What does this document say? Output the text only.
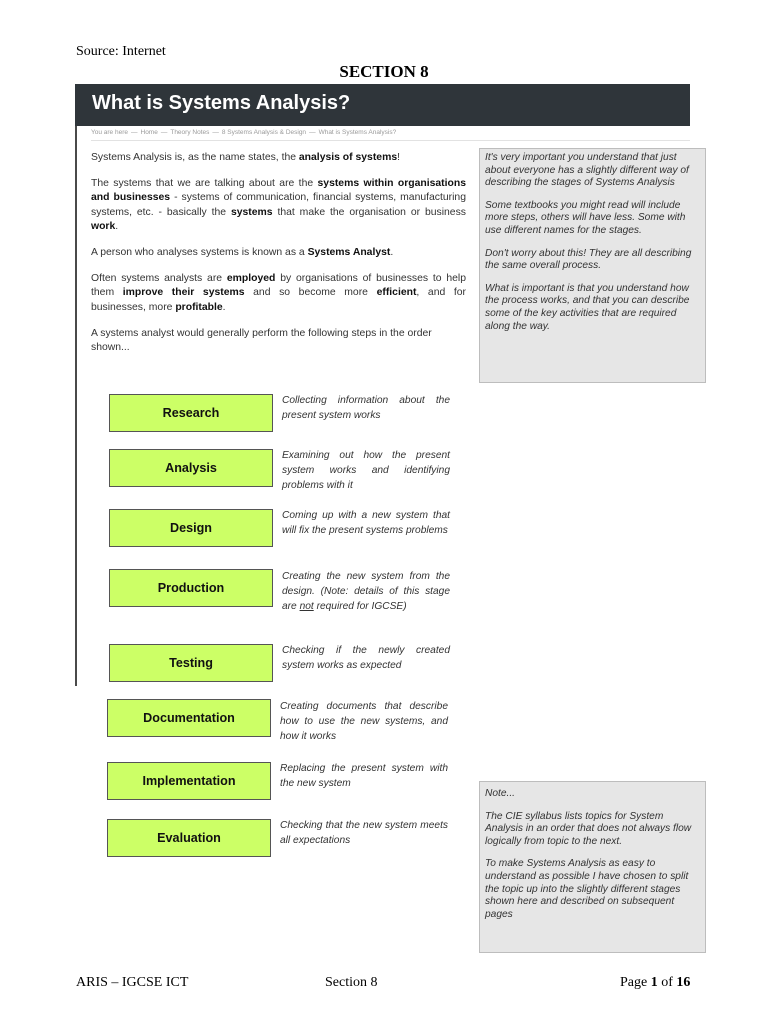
Source: Internet
SECTION 8
What is Systems Analysis?
You are here — Home — Theory Notes — 8 Systems Analysis & Design — What is Systems Analysis?

Systems Analysis is, as the name states, the analysis of systems!

The systems that we are talking about are the systems within organisations and businesses - systems of communication, financial systems, manufacturing systems, etc. - basically the systems that make the organisation or business work.

A person who analyses systems is known as a Systems Analyst.

Often systems analysts are employed by organisations of businesses to help them improve their systems and so become more efficient, and for businesses, more profitable.

A systems analyst would generally perform the following steps in the order shown...

It's very important you understand that just about everyone has a slightly different way of describing the stages of Systems Analysis

Some textbooks you might read will include more steps, others will have less. Some with use different names for the stages.

Don't worry about this! They are all describing the same overall process.

What is important is that you understand how the process works, and that you can describe some of the key activities that are required along the way.

Research
Collecting information about the present system works
Analysis
Examining out how the present system works and identifying problems with it
Design
Coming up with a new system that will fix the present systems problems
Production
Creating the new system from the design. (Note: details of this stage are not required for IGCSE)
Testing
Checking if the newly created system works as expected
Documentation
Creating documents that describe how to use the new systems, and how it works
Implementation
Replacing the present system with the new system
Evaluation
Checking that the new system meets all expectations

Note...

The CIE syllabus lists topics for System Analysis in an order that does not always flow logically from topic to the next.

To make Systems Analysis as easy to understand as possible I have chosen to split the topic up into the slightly different stages shown here and described on subsequent pages

ARIS – IGCSE ICT	Section 8	Page 1 of 16
